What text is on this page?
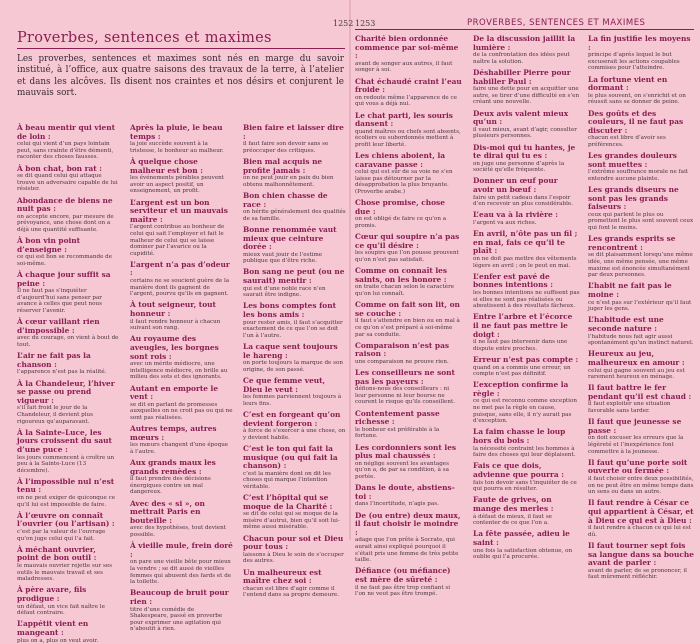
1252 1253	PROVERBES, SENTENCES ET MAXIMES
Proverbes, sentences et maximes
Les proverbes, sentences et maximes sont nés en marge du savoir institué, à l’office, aux quatre saisons des travaux de la terre, à l’atelier et dans les alcôves. Ils disent nos craintes et nos désirs et conjurent le mauvais sort.
À beau mentir qui vient de loin :
celui qui vient d’un pays lointain peut, sans crainte d’être démenti, raconter des choses fausses.
À bon chat, bon rat :
se dit quand celui qui attaque trouve un adversaire capable de lui résister.
Abondance de biens ne nuit pas :
on accepte encore, par mesure de prévoyance, une chose dont on a déjà une quantité suffisante.
À bon vin point d’enseigne :
ce qui est bon se recommande de soi-même.
À chaque jour suffit sa peine :
Il ne faut pas s’inquiéter d’aujourd’hui sans penser par avance à celles que peut nous réserver l’avenir.
À cœur vaillant rien d’impossible :
avec du courage, on vient à bout de tout.
L’air ne fait pas la chanson :
l’apparence n’est pas la réalité.
À la Chandeleur, l’hiver se passe ou prend vigueur :
s’il fait froid le jour de la Chandeleur, il devient plus rigoureux qu’auparavant.
À la Sainte-Luce, les jours croissent du saut d’une puce :
les jours commencent à croître un peu à la Sainte-Luce (13 décembre).
À l’impossible nul n’est tenu :
on ne peut exiger de quiconque ce qu’il lui est impossible de faire.
À l’œuvre on connaît l’ouvrier (ou l’artisan) :
c’est par la valeur de l’ouvrage qu’on juge celui qui l’a fait.
À méchant ouvrier, point de bon outil :
le mauvais ouvrier rejette sur ses outils le mauvais travail et ses maladresses.
À père avare, fils prodigue :
un défaut, un vice fait naître le défaut contraire.
L’appétit vient en mangeant :
plus on a, plus on veut avoir.
Après la pluie, le beau temps :
la joie succède souvent à la tristesse, le bonheur au malheur.
À quelque chose malheur est bon :
les événements pénibles peuvent avoir un aspect positif, un enseignement, un profit.
L’argent est un bon serviteur et un mauvais maître :
l’argent contribue au bonheur de celui qui sait l’employer et fait le malheur de celui qui se laisse dominer par l’avarice ou la cupidité.
L’argent n’a pas d’odeur :
certains ne se soucient guère de la manière dont ils gagnent de l’argent, pourvu qu’ils en gagnent.
À tout seigneur, tout honneur :
il faut rendre honneur à chacun suivant son rang.
Au royaume des aveugles, les borgnes sont rois :
avec un mérite médiocre, une intelligence médiocre, on brille au milieu des sots et des ignorants.
Autant en emporte le vent :
se dit en parlant de promesses auxquelles on ne croit pas ou qui ne sont pas réalisées.
Autres temps, autres mœurs :
les mœurs changent d’une époque à l’autre.
Aux grands maux les grands remèdes :
il faut prendre des décisions énergiques contre un mal dangereux.
Avec des « si », on mettrait Paris en bouteille :
avec des hypothèses, tout devient possible.
À vieille mule, frein doré :
on pare une vieille bête pour mieux la vendre ; se dit aussi de vieilles femmes qui abusent des fards et de la toilette.
Beaucoup de bruit pour rien :
titre d’une comédie de Shakespeare, passé en proverbe pour exprimer une agitation qui n’aboutit à rien.
Bien faire et laisser dire :
il faut faire son devoir sans se préoccuper des critiques.
Bien mal acquis ne profite jamais :
on ne peut jouir en paix du bien obtenu malhonnêtement.
Bon chien chasse de race :
on hérite généralement des qualités de sa famille.
Bonne renommée vaut mieux que ceinture dorée :
mieux vaut jouir de l’estime publique que d’être riche.
Bon sang ne peut (ou ne saurait) mentir :
qui est d’une noble race n’en saurait être indigne.
Les bons comptes font les bons amis :
pour rester amis, il faut s’acquitter exactement de ce que l’on se doit l’un à l’autre.
La caque sent toujours le hareng :
on porte toujours la marque de son origine, de son passé.
Ce que femme veut, Dieu le veut :
les femmes parviennent toujours à leurs fins.
C’est en forgeant qu’on devient forgeron :
à force de s’exercer à une chose, on y devient habile.
C’est le ton qui fait la musique (ou qui fait la chanson) :
c’est la manière dont on dit les choses qui marque l’intention véritable.
C’est l’hôpital qui se moque de la Charité :
se dit de celui qui se moque de la misère d’autrui, bien qu’il soit lui-même aussi misérable.
Chacun pour soi et Dieu pour tous :
laissons à Dieu le soin de s’occuper des autres.
Un malheureux est maître chez soi :
chacun est libre d’agir comme il l’entend dans sa propre demeure.
Charité bien ordonnée commence par soi-même :
avant de songer aux autres, il faut songer à soi.
Chat échaudé craint l’eau froide :
on redoute même l’apparence de ce qui vous a déjà nui.
Le chat parti, les souris dansent :
quand maîtres ou chefs sont absents, écoliers ou subordonnés mettent à profit leur liberté.
Les chiens aboient, la caravane passe :
celui qui est sûr de sa voie ne s’en laisse pas détourner par la désapprobation la plus bruyante. (Proverbe arabe.)
Chose promise, chose due :
on est obligé de faire ce qu’on a promis.
Cœur qui soupire n’a pas ce qu’il désire :
les soupirs que l’on pousse prouvent qu’on n’est pas satisfait.
Comme on connaît les saints, on les honore :
on traite chacun selon le caractère qu’on lui connaît.
Comme on fait son lit, on se couche :
il faut s’attendre en bien ou en mal à ce qu’on s’est préparé à soi-même par sa conduite.
Comparaison n’est pas raison :
une comparaison ne prouve rien.
Les conseilleurs ne sont pas les payeurs :
défions-nous des conseilleurs : ni leur personne ni leur bourse ne courent le risque qu’ils conseillent.
Contentement passe richesse :
le bonheur est préférable à la fortune.
Les cordonniers sont les plus mal chaussés :
on néglige souvent les avantages qu’on a, de par sa condition, à sa portée.
Dans le doute, abstiens-toi :
dans l’incertitude, n’agis pas.
De (ou entre) deux maux, il faut choisir le moindre :
adage que l’on prête à Socrate, qui aurait ainsi expliqué pourquoi il s’était pris une femme de très petite taille.
Défiance (ou méfiance) est mère de sûreté :
il ne faut pas être trop confiant si l’on ne veut pas être trompé.
De la discussion jaillit la lumière :
de la confrontation des idées peut naître la solution.
Déshabiller Pierre pour habiller Paul :
faire une dette pour en acquitter une autre, se tirer d’une difficulté en s’en créant une nouvelle.
Deux avis valent mieux qu’un :
il vaut mieux, avant d’agir, consulter plusieurs personnes.
Dis-moi qui tu hantes, je te dirai qui tu es :
on juge une personne d’après la société qu’elle fréquente.
Donner un œuf pour avoir un bœuf :
faire un petit cadeau dans l’espoir d’en recevoir un plus considérable.
L’eau va à la rivière :
l’argent va aux riches.
En avril, n’ôte pas un fil ; en mai, fais ce qu’il te plaît :
on ne doit pas mettre des vêtements légers en avril ; on le peut en mai.
L’enfer est pavé de bonnes intentions :
les bonnes intentions ne suffisent pas si elles ne sont pas réalisées ou aboutissent à des résultats fâcheux.
Entre l’arbre et l’écorce il ne faut pas mettre le doigt :
il ne faut pas intervenir dans une dispute entre proches.
Erreur n’est pas compte :
quand on a commis une erreur, un compte n’est pas définitif.
L’exception confirme la règle :
ce qui est reconnu comme exception ne met pas la règle en cause, puisque, sans elle, il n’y aurait pas d’exception.
La faim chasse le loup hors du bois :
la nécessité contraint les hommes à faire des choses qui leur déplaisent.
Fais ce que dois, advienne que pourra :
fais ton devoir sans t’inquiéter de ce qui pourra en résulter.
Faute de grives, on mange des merles :
à défaut de mieux, il faut se contenter de ce que l’on a.
La fête passée, adieu le saint :
une fois la satisfaction obtenue, on oublie qui l’a procurée.
La fin justifie les moyens :
principe d’après lequel le but excuserait les actions coupables commises pour l’atteindre.
La fortune vient en dormant :
le plus souvent, on s’enrichit et on réussit sans se donner de peine.
Des goûts et des couleurs, il ne faut pas discuter :
chacun est libre d’avoir ses préférences.
Les grandes douleurs sont muettes :
l’extrême souffrance morale ne fait entendre aucune plainte.
Les grands diseurs ne sont pas les grands faiseurs :
ceux qui parlent le plus ou promettent le plus sont souvent ceux qui font le moins.
Les grands esprits se rencontrent :
se dit plaisamment lorsqu’une même idée, une même pensée, une même maxime est énoncée simultanément par deux personnes.
L’habit ne fait pas le moine :
ce n’est pas sur l’extérieur qu’il faut juger les gens.
L’habitude est une seconde nature :
l’habitude nous fait agir aussi spontanément qu’un instinct naturel.
Heureux au jeu, malheureux en amour :
celui qui gagne souvent au jeu est rarement heureux en ménage.
Il faut battre le fer pendant qu’il est chaud :
il faut exploiter une situation favorable sans tarder.
Il faut que jeunesse se passe :
on doit excuser les erreurs que la légèreté et l’inexpérience font commettre à la jeunesse.
Il faut qu’une porte soit ouverte ou fermée :
il faut choisir entre deux possibilités, on ne peut être en même temps dans un sens ou dans un autre.
Il faut rendre à César ce qui appartient à César, et à Dieu ce qui est à Dieu :
il faut rendre à chacun ce qui lui est dû.
Il faut tourner sept fois sa langue dans sa bouche avant de parler :
avant de parler, de se prononcer, il faut mûrement réfléchir.
